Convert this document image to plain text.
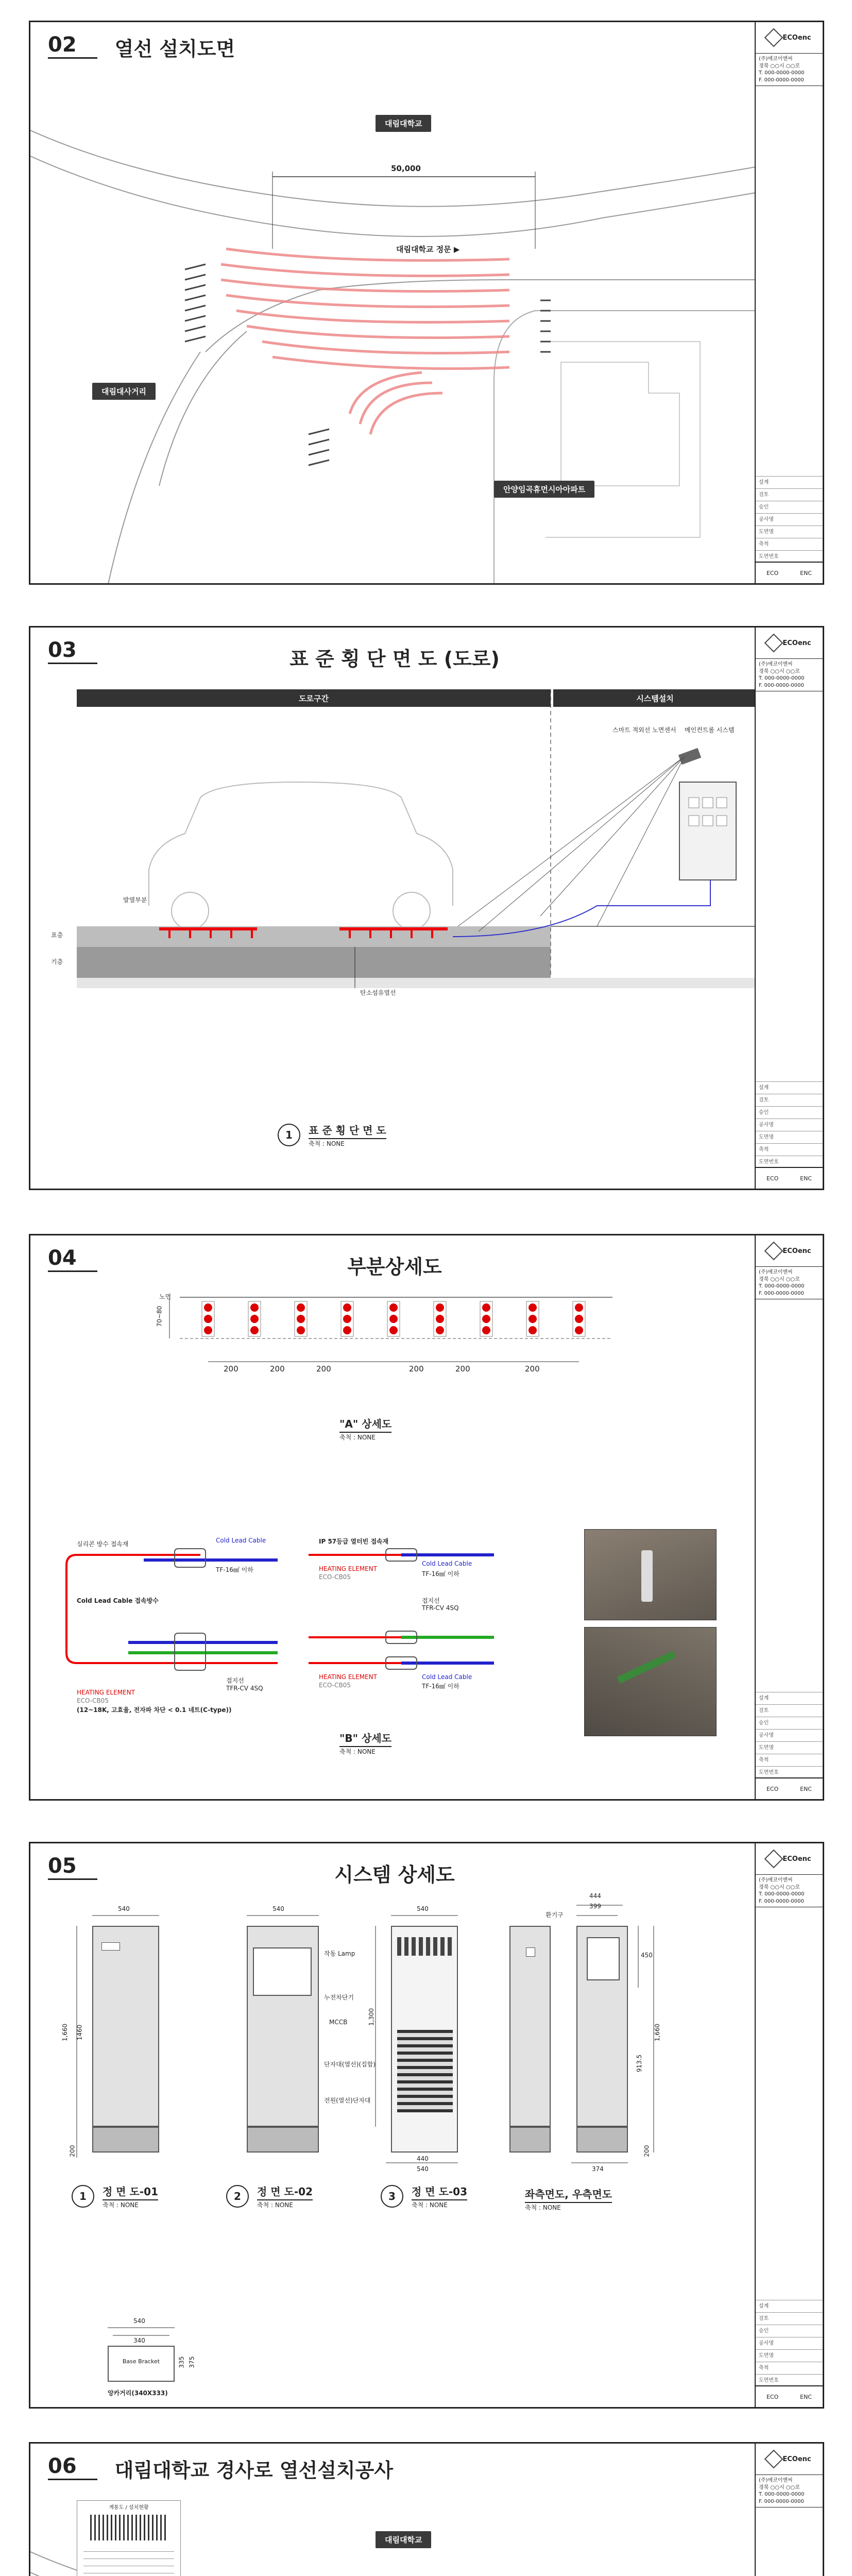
02	열선 설치도면
대림대학교
50,000
대림대학교 정문 ▶
대림대사거리
안양임곡휴먼시아아파트
ECOenc
(주)에코이엔씨
경북 ○○시 ○○로
T. 000-0000-0000
F. 000-0000-0000
설계
검토
승인
공사명
도면명
축척
도면번호
ECO	ENC
03	표 준 횡 단 면 도 (도로)
도로구간	시스템설치
스마트 적외선 노면센서 메인컨트롤 시스템
발열부분
표층
기층
탄소섬유열선
1	표 준 횡 단 면 도
축척 : NONE
ECOenc
(주)에코이엔씨
경북 ○○시 ○○로
T. 000-0000-0000
F. 000-0000-0000
설계
검토
승인
공사명
도면명
축척
도면번호
ECO	ENC
04	부분상세도
노면
70~80
200	200	200	200	200	200
"A" 상세도
축척 : NONE
실리콘 방수 접속재	Cold Lead Cable
TF-16㎟ 이하
IP 57등급 열터빈 접속재
HEATING ELEMENT
ECO-CB05
Cold Lead Cable
TF-16㎟ 이하
Cold Lead Cable 접속방수
접지선
TFR-CV 4SQ
접지선
TFR-CV 4SQ
HEATING ELEMENT
ECO-CB05
Cold Lead Cable
TF-16㎟ 이하
HEATING ELEMENT
ECO-CB05
(12~18K, 고효율, 전자파 차단 < 0.1 네트(C-type))
"B" 상세도
축척 : NONE
ECOenc
(주)에코이엔씨
경북 ○○시 ○○로
T. 000-0000-0000
F. 000-0000-0000
설계
검토
승인
공사명
도면명
축척
도면번호
ECO	ENC
05	시스템 상세도
540
1,660 1460
200
540
작동 Lamp
누전차단기
540
1,300
440
540
MCCB
단자대(열선)(집합)
전원(열선)단자대
444
399
450
1,660
913.5
200
374
환기구
1	정 면 도-01
축척 : NONE
2	정 면 도-02
축척 : NONE
3	정 면 도-03
축척 : NONE
좌측면도, 우측면도
축척 : NONE
540
340
335 375
Base Bracket
앙카거리(340X333)
ECOenc
(주)에코이엔씨
경북 ○○시 ○○로
T. 000-0000-0000
F. 000-0000-0000
설계
검토
승인
공사명
도면명
축척
도면번호
ECO	ENC
06	대림대학교 경사로 열선설치공사
계통도 / 설치현황
대림대학교
ECOenc
(주)에코이엔씨
경북 ○○시 ○○로
T. 000-0000-0000
F. 000-0000-0000
